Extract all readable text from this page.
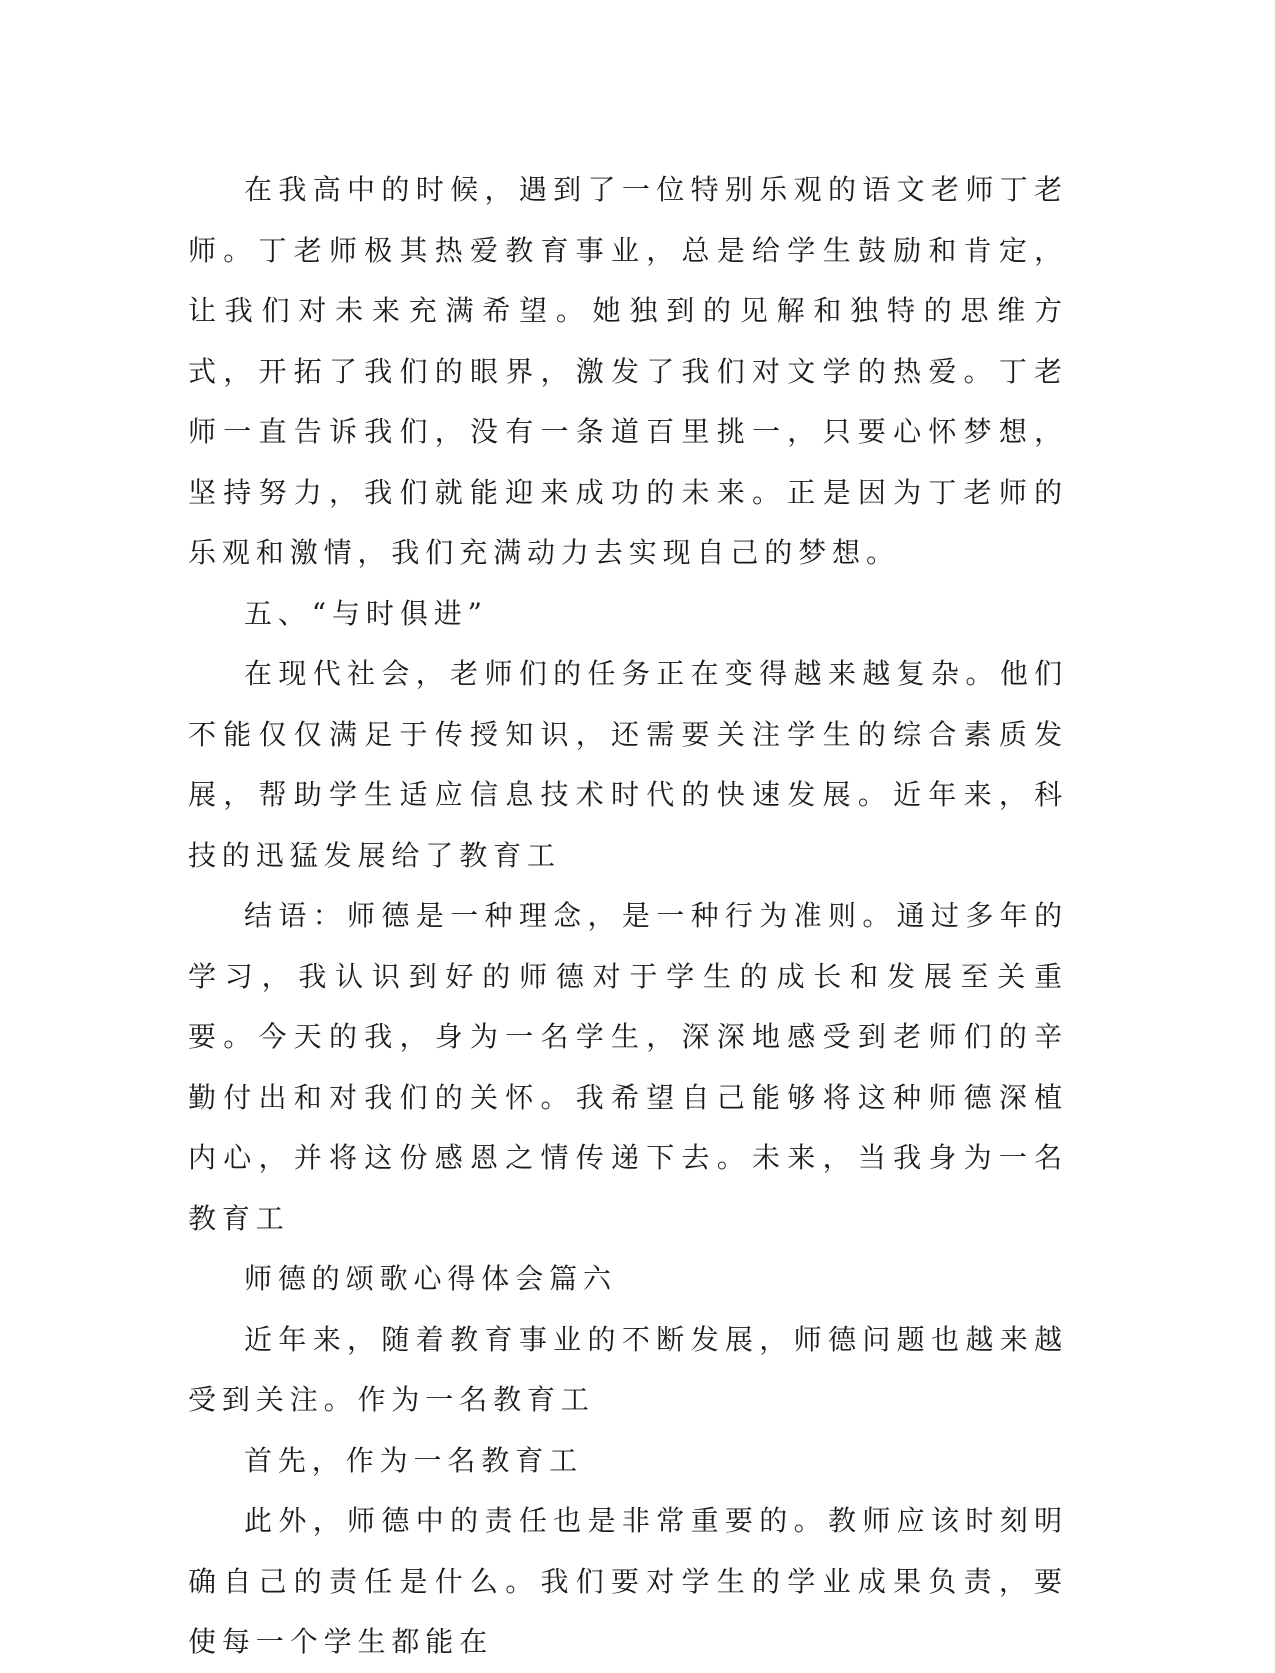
在我高中的时候，遇到了一位特别乐观的语文老师丁老师。丁老师极其热爱教育事业，总是给学生鼓励和肯定，让我们对未来充满希望。她独到的见解和独特的思维方式，开拓了我们的眼界，激发了我们对文学的热爱。丁老师一直告诉我们，没有一条道百里挑一，只要心怀梦想，坚持努力，我们就能迎来成功的未来。正是因为丁老师的乐观和激情，我们充满动力去实现自己的梦想。

五、“与时俱进”

在现代社会，老师们的任务正在变得越来越复杂。他们不能仅仅满足于传授知识，还需要关注学生的综合素质发展，帮助学生适应信息技术时代的快速发展。近年来，科技的迅猛发展给了教育工

结语：师德是一种理念，是一种行为准则。通过多年的学习，我认识到好的师德对于学生的成长和发展至关重要。今天的我，身为一名学生，深深地感受到老师们的辛勤付出和对我们的关怀。我希望自己能够将这种师德深植内心，并将这份感恩之情传递下去。未来，当我身为一名教育工

师德的颂歌心得体会篇六

近年来，随着教育事业的不断发展，师德问题也越来越受到关注。作为一名教育工

首先，作为一名教育工

此外，师德中的责任也是非常重要的。教师应该时刻明确自己的责任是什么。我们要对学生的学业成果负责，要使每一个学生都能在
